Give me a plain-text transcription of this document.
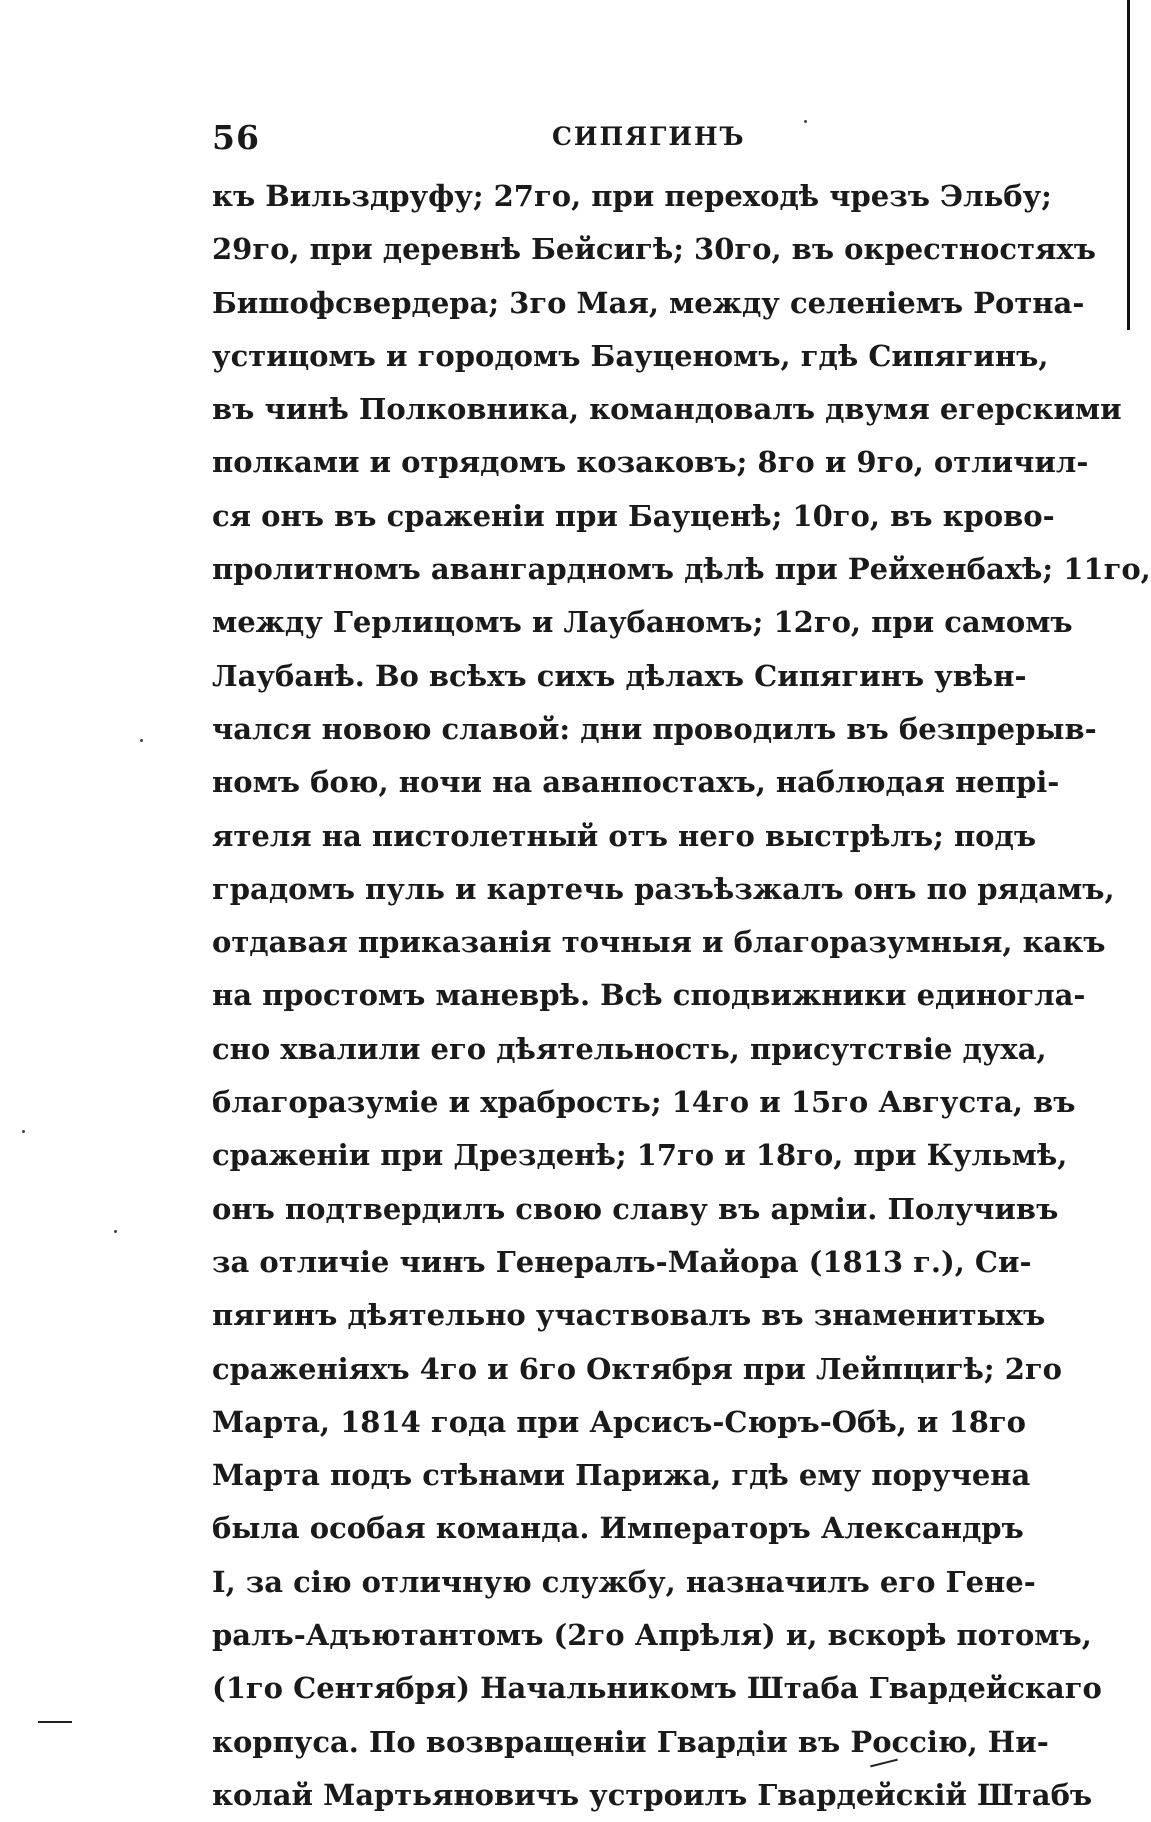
56	СИПЯГИНЪ
къ Вильздруфу; 27го, при переходѣ чрезъ Эльбу;
29го, при деревнѣ Бейсигѣ; 30го, въ окрестностяхъ
Бишофсвердера; 3го Мая, между селеніемъ Ротна-
устицомъ и городомъ Бауценомъ, гдѣ Сипягинъ,
въ чинѣ Полковника, командовалъ двумя егерскими
полками и отрядомъ козаковъ; 8го и 9го, отличил-
ся онъ въ сраженіи при Бауценѣ; 10го, въ крово-
пролитномъ авангардномъ дѣлѣ при Рейхенбахѣ; 11го,
между Герлицомъ и Лаубаномъ; 12го, при самомъ
Лаубанѣ. Во всѣхъ сихъ дѣлахъ Сипягинъ увѣн-
чался новою славой: дни проводилъ въ безпрерыв-
номъ бою, ночи на аванпостахъ, наблюдая непрі-
ятеля на пистолетный отъ него выстрѣлъ; подъ
градомъ пуль и картечь разъѣзжалъ онъ по рядамъ,
отдавая приказанія точныя и благоразумныя, какъ
на простомъ маневрѣ. Всѣ сподвижники единогла-
сно хвалили его дѣятельность, присутствіе духа,
благоразуміе и храбрость; 14го и 15го Августа, въ
сраженіи при Дрезденѣ; 17го и 18го, при Кульмѣ,
онъ подтвердилъ свою славу въ арміи. Получивъ
за отличіе чинъ Генералъ-Майора (1813 г.), Си-
пягинъ дѣятельно участвовалъ въ знаменитыхъ
сраженіяхъ 4го и 6го Октября при Лейпцигѣ; 2го
Марта, 1814 года при Арсисъ-Сюръ-Обѣ, и 18го
Марта подъ стѣнами Парижа, гдѣ ему поручена
была особая команда. Императоръ Александръ
I, за сію отличную службу, назначилъ его Гене-
ралъ-Адъютантомъ (2го Апрѣля) и, вскорѣ потомъ,
(1го Сентября) Начальникомъ Штаба Гвардейскаго
корпуса. По возвращеніи Гвардіи въ Россію, Ни-
колай Мартьяновичъ устроилъ Гвардейскій Штабъ
